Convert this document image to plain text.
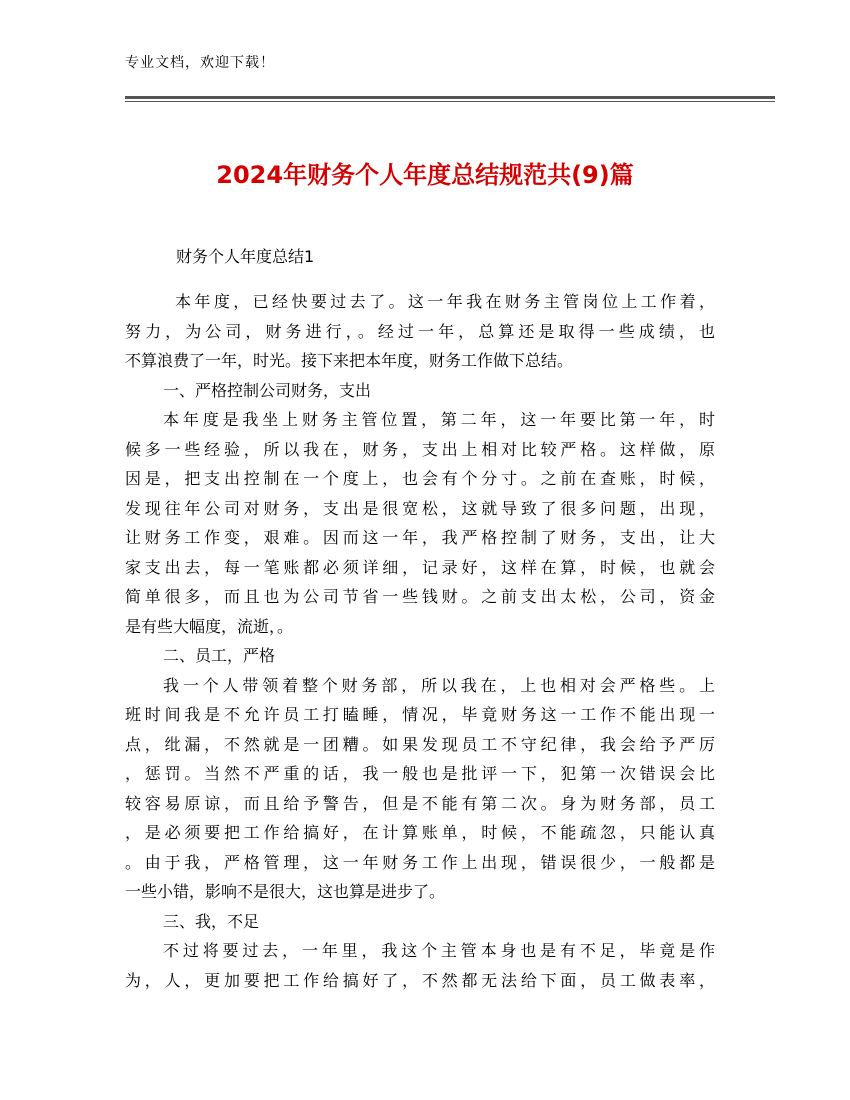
专业文档，欢迎下载！
2024年财务个人年度总结规范共(9)篇
财务个人年度总结1
本年度，已经快要过去了。这一年我在财务主管岗位上工作着，
努力，为公司，财务进行，。经过一年，总算还是取得一些成绩，也
不算浪费了一年，时光。接下来把本年度，财务工作做下总结。
一、严格控制公司财务，支出
本年度是我坐上财务主管位置，第二年，这一年要比第一年，时
候多一些经验，所以我在，财务，支出上相对比较严格。这样做，原
因是，把支出控制在一个度上，也会有个分寸。之前在查账，时候，
发现往年公司对财务，支出是很宽松，这就导致了很多问题，出现，
让财务工作变，艰难。因而这一年，我严格控制了财务，支出，让大
家支出去，每一笔账都必须详细，记录好，这样在算，时候，也就会
简单很多，而且也为公司节省一些钱财。之前支出太松，公司，资金
是有些大幅度，流逝，。
二、员工，严格
我一个人带领着整个财务部，所以我在，上也相对会严格些。上
班时间我是不允许员工打瞌睡，情况，毕竟财务这一工作不能出现一
点，纰漏，不然就是一团糟。如果发现员工不守纪律，我会给予严厉
，惩罚。当然不严重的话，我一般也是批评一下，犯第一次错误会比
较容易原谅，而且给予警告，但是不能有第二次。身为财务部，员工
，是必须要把工作给搞好，在计算账单，时候，不能疏忽，只能认真
。由于我，严格管理，这一年财务工作上出现，错误很少，一般都是
一些小错，影响不是很大，这也算是进步了。
三、我，不足
不过将要过去，一年里，我这个主管本身也是有不足，毕竟是作
为，人，更加要把工作给搞好了，不然都无法给下面，员工做表率，
